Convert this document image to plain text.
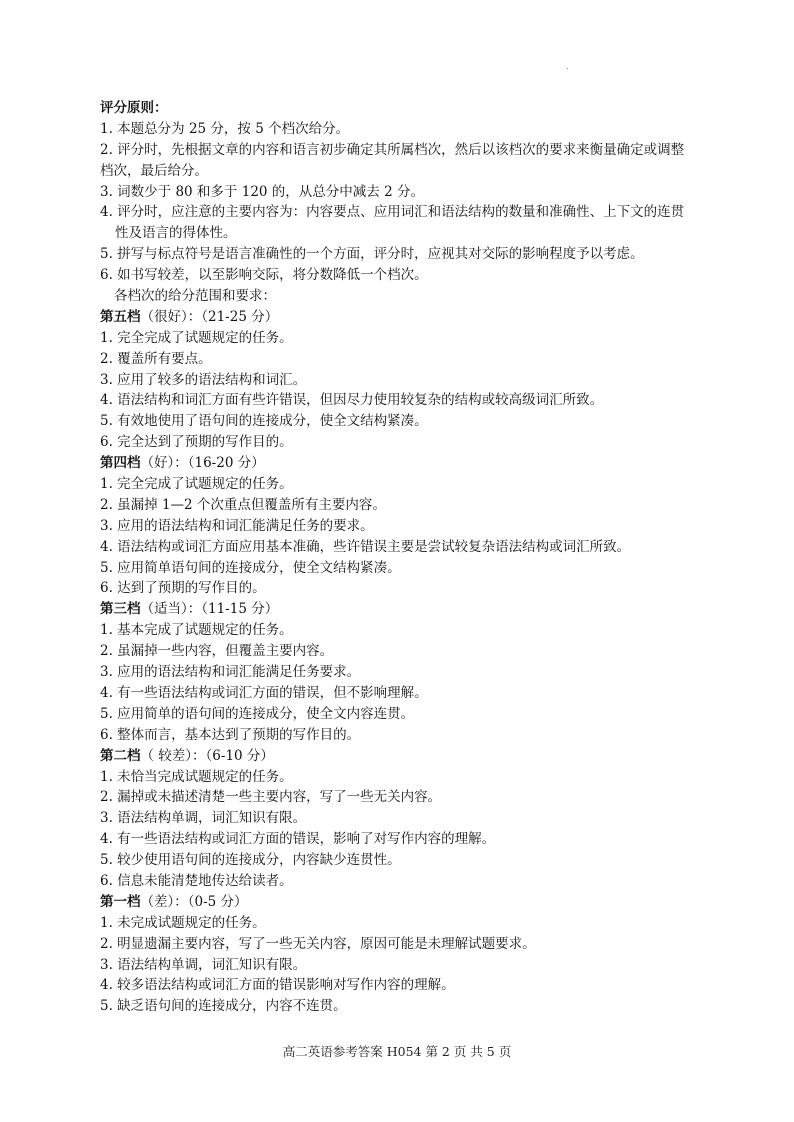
.
评分原则：
1. 本题总分为 25 分，按 5 个档次给分。
2. 评分时，先根据文章的内容和语言初步确定其所属档次，然后以该档次的要求来衡量确定或调整
档次，最后给分。
3. 词数少于 80 和多于 120 的，从总分中减去 2 分。
4. 评分时，应注意的主要内容为：内容要点、应用词汇和语法结构的数量和准确性、上下文的连贯
性及语言的得体性。
5. 拼写与标点符号是语言准确性的一个方面，评分时，应视其对交际的影响程度予以考虑。
6. 如书写较差，以至影响交际，将分数降低一个档次。
各档次的给分范围和要求：
第五档（很好）：（21-25 分）
1. 完全完成了试题规定的任务。
2. 覆盖所有要点。
3. 应用了较多的语法结构和词汇。
4. 语法结构和词汇方面有些许错误，但因尽力使用较复杂的结构或较高级词汇所致。
5. 有效地使用了语句间的连接成分，使全文结构紧凑。
6. 完全达到了预期的写作目的。
第四档（好）：（16-20 分）
1. 完全完成了试题规定的任务。
2. 虽漏掉 1—2 个次重点但覆盖所有主要内容。
3. 应用的语法结构和词汇能满足任务的要求。
4. 语法结构或词汇方面应用基本准确，些许错误主要是尝试较复杂语法结构或词汇所致。
5. 应用简单语句间的连接成分，使全文结构紧凑。
6. 达到了预期的写作目的。
第三档（适当）：（11-15 分）
1. 基本完成了试题规定的任务。
2. 虽漏掉一些内容，但覆盖主要内容。
3. 应用的语法结构和词汇能满足任务要求。
4. 有一些语法结构或词汇方面的错误，但不影响理解。
5. 应用简单的语句间的连接成分，使全文内容连贯。
6. 整体而言，基本达到了预期的写作目的。
第二档（ 较差）：（6-10 分）
1. 未恰当完成试题规定的任务。
2. 漏掉或未描述清楚一些主要内容，写了一些无关内容。
3. 语法结构单调，词汇知识有限。
4. 有一些语法结构或词汇方面的错误，影响了对写作内容的理解。
5. 较少使用语句间的连接成分，内容缺少连贯性。
6. 信息未能清楚地传达给读者。
第一档（差）：（0-5 分）
1. 未完成试题规定的任务。
2. 明显遗漏主要内容，写了一些无关内容，原因可能是未理解试题要求。
3. 语法结构单调，词汇知识有限。
4. 较多语法结构或词汇方面的错误影响对写作内容的理解。
5. 缺乏语句间的连接成分，内容不连贯。
高二英语参考答案 H054 第 2 页 共 5 页
